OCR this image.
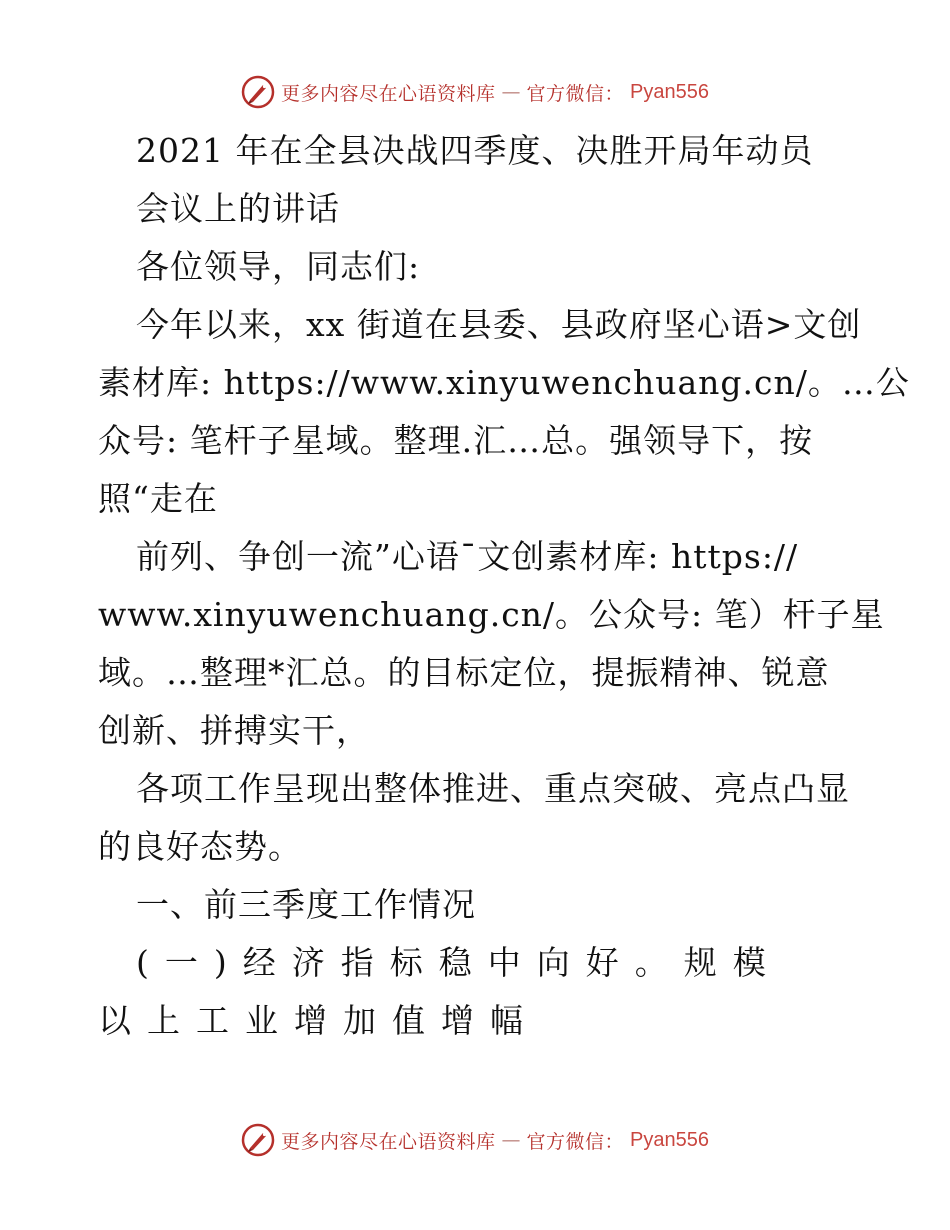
更多内容尽在心语资料库 — 官方微信： Pyan556
2021 年在全县决战四季度、决胜开局年动员
会议上的讲话
各位领导，同志们:
今年以来，xx 街道在县委、县政府坚心语>文创
素材库: https://www.xinyuwenchuang.cn/。…公
众号: 笔杆子星域。整理.汇…总。强领导下，按
照“走在
前列、争创一流”心语¯文创素材库: https://
www.xinyuwenchuang.cn/。公众号: 笔）杆子星
域。…整理*汇总。的目标定位，提振精神、锐意
创新、拼搏实干，
各项工作呈现出整体推进、重点突破、亮点凸显
的良好态势。
一、前三季度工作情况
(一)经济指标稳中向好。规模
以上工业增加值增幅
更多内容尽在心语资料库 — 官方微信： Pyan556
